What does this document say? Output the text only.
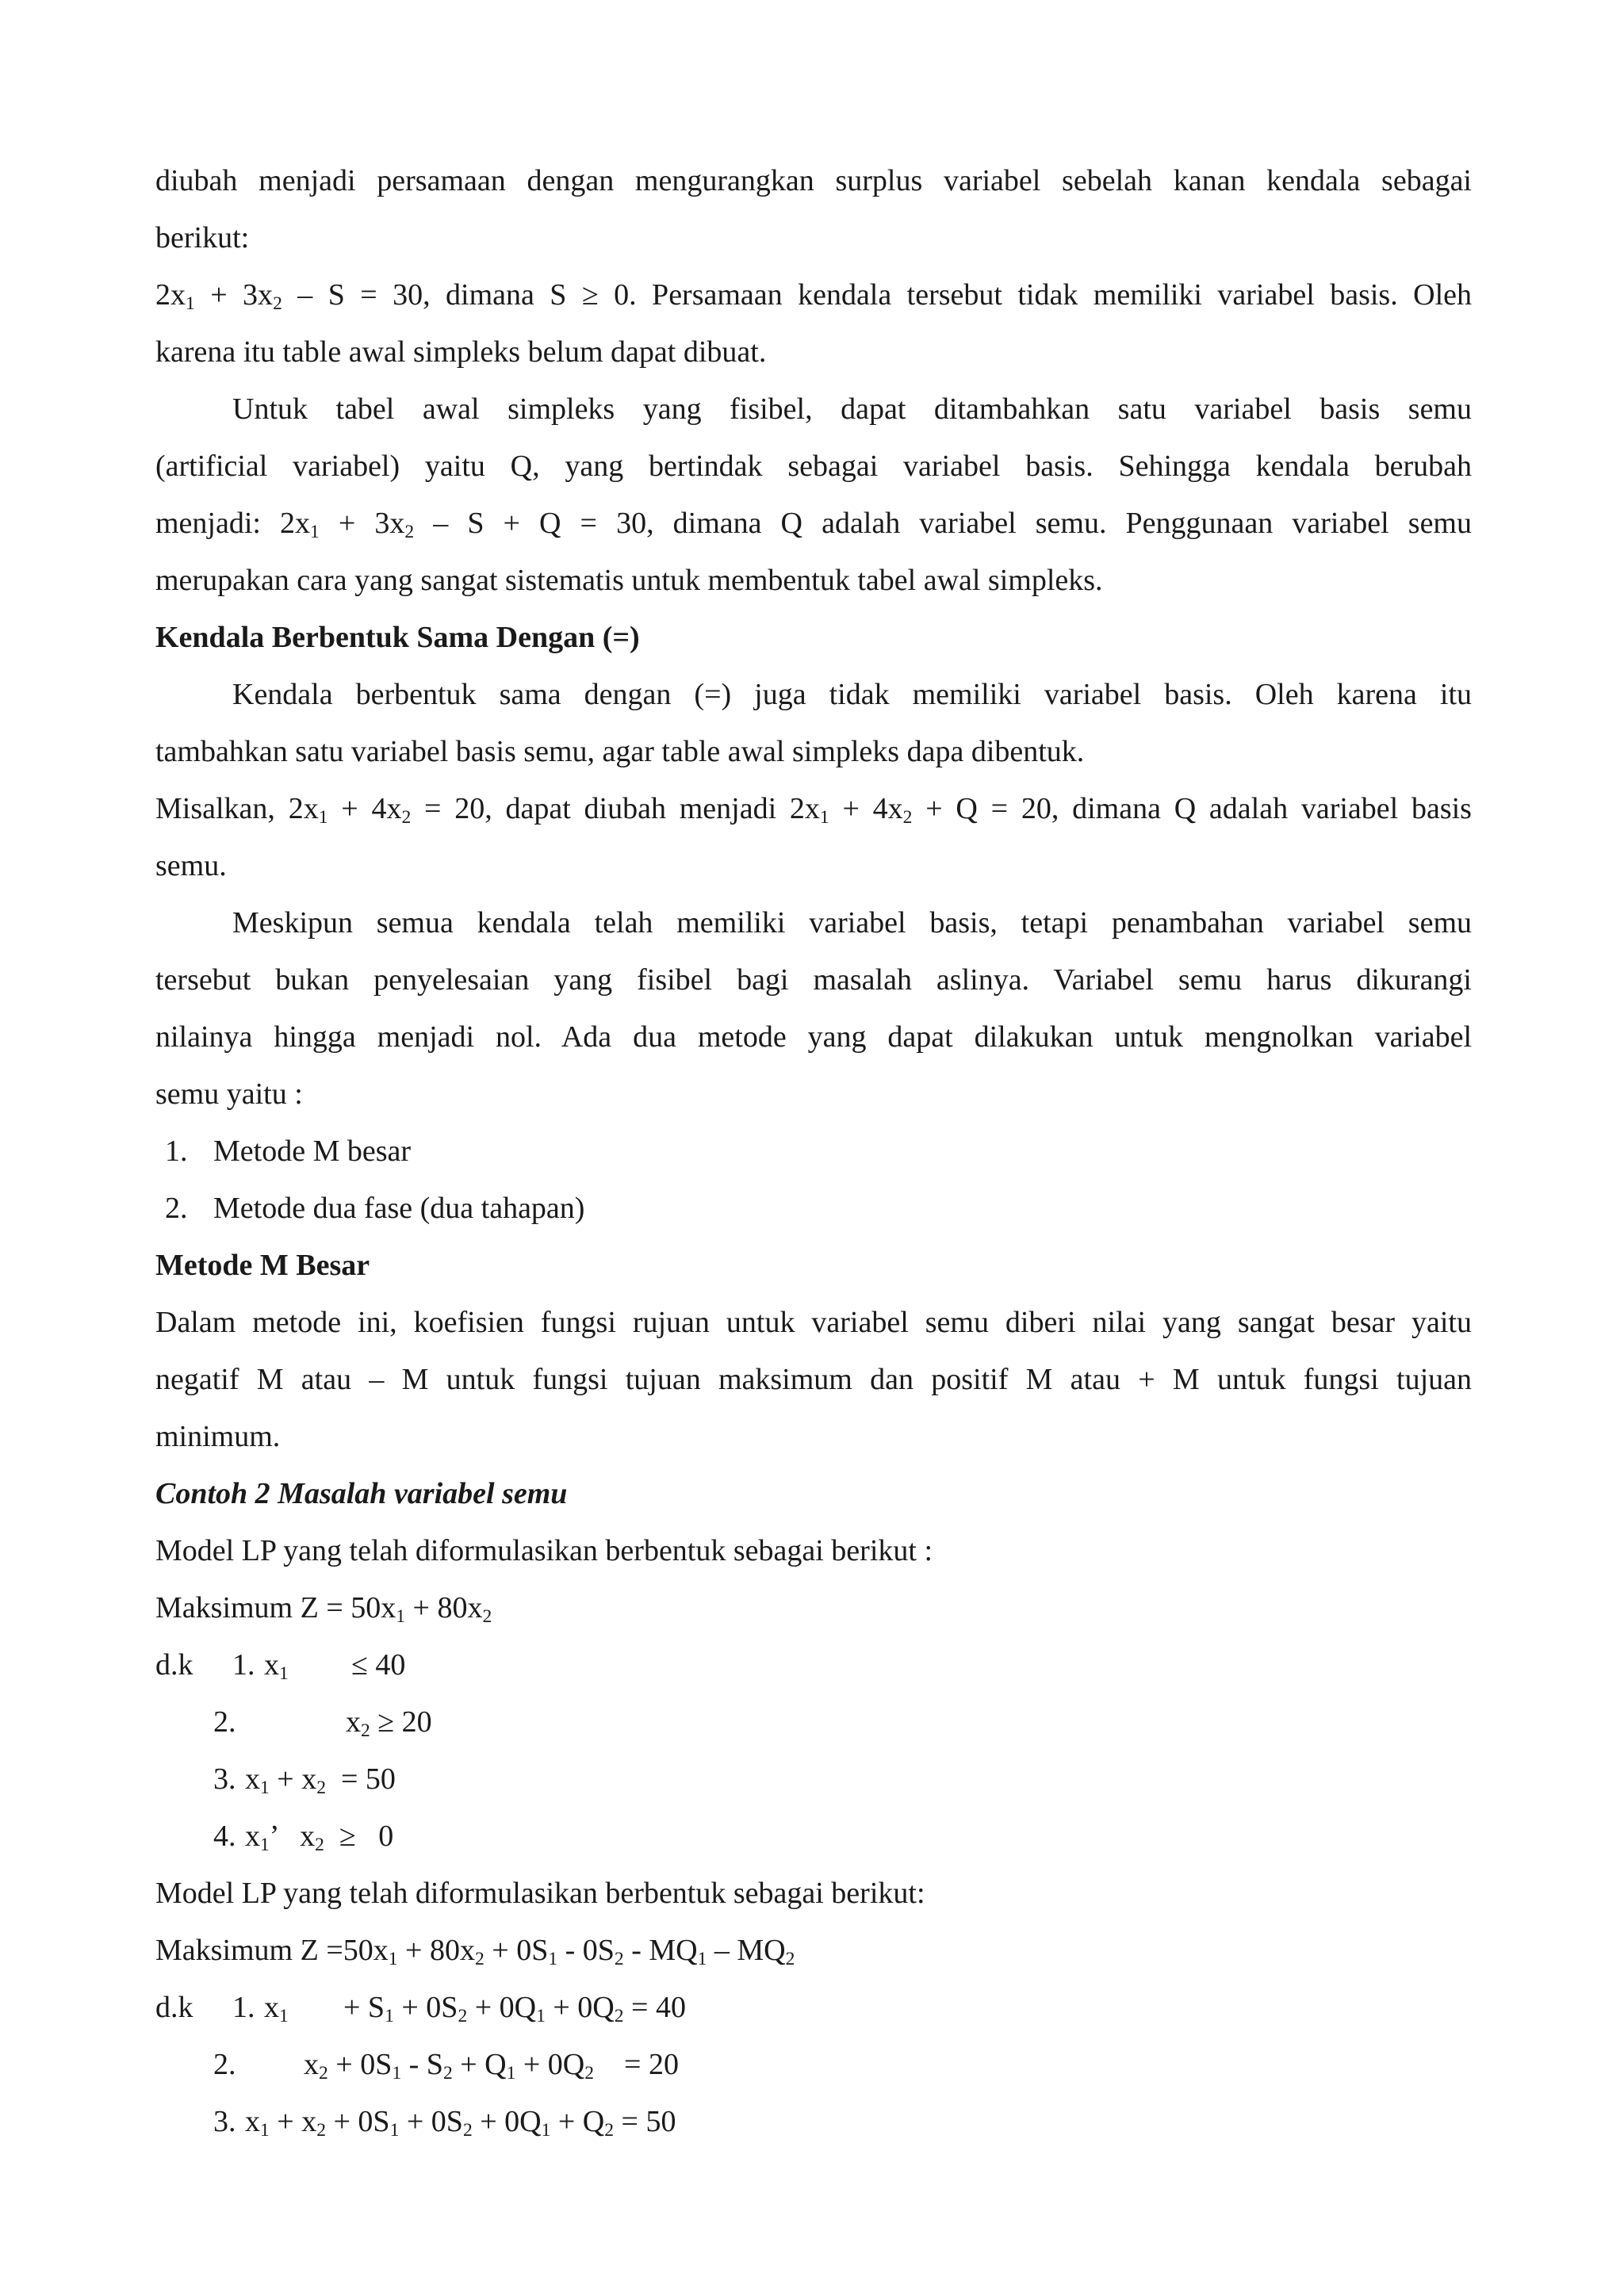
diubah menjadi persamaan dengan mengurangkan surplus variabel sebelah kanan kendala sebagai
berikut:
$2x_1 + 3x_2 - S = 30$, dimana S ≥ 0. Persamaan kendala tersebut tidak memiliki variabel basis. Oleh
karena itu table awal simpleks belum dapat dibuat.
Untuk tabel awal simpleks yang fisibel, dapat ditambahkan satu variabel basis semu
(artificial variabel) yaitu Q, yang bertindak sebagai variabel basis. Sehingga kendala berubah
menjadi: $2x_1 + 3x_2 - S + Q = 30$, dimana Q adalah variabel semu. Penggunaan variabel semu
merupakan cara yang sangat sistematis untuk membentuk tabel awal simpleks.
Kendala Berbentuk Sama Dengan (=)
Kendala berbentuk sama dengan (=) juga tidak memiliki variabel basis. Oleh karena itu
tambahkan satu variabel basis semu, agar table awal simpleks dapa dibentuk.
Misalkan, $2x_1 + 4x_2 = 20$, dapat diubah menjadi $2x_1 + 4x_2 + Q = 20$, dimana Q adalah variabel basis
semu.
Meskipun semua kendala telah memiliki variabel basis, tetapi penambahan variabel semu
tersebut bukan penyelesaian yang fisibel bagi masalah aslinya. Variabel semu harus dikurangi
nilainya hingga menjadi nol. Ada dua metode yang dapat dilakukan untuk mengnolkan variabel
semu yaitu :
1. Metode M besar
2. Metode dua fase (dua tahapan)
Metode M Besar
Dalam metode ini, koefisien fungsi rujuan untuk variabel semu diberi nilai yang sangat besar yaitu
negatif M atau – M untuk fungsi tujuan maksimum dan positif M atau + M untuk fungsi tujuan
minimum.
Contoh 2 Masalah variabel semu
Model LP yang telah diformulasikan berbentuk sebagai berikut :
Maksimum $Z = 50x_1 + 80x_2$
d.k 1. $x_1 \le 40$
2.	$x_2 \ge 20$
3. $x_1 + x_2 = 50$
4. $x_1$’   $x_2 \ge 0$
Model LP yang telah diformulasikan berbentuk sebagai berikut:
Maksimum $Z =50x_1 + 80x_2 + 0S_1 - 0S_2 - MQ_1 - MQ_2$
d.k 1. $x_1 + S_1 + 0S_2 + 0Q_1 + 0Q_2 = 40$
2. $x_2 + 0S_1 - S_2 + Q_1 + 0Q_2$    = 20
3. $x_1 + x_2 + 0S_1 + 0S_2 + 0Q_1 + Q_2 = 50$
